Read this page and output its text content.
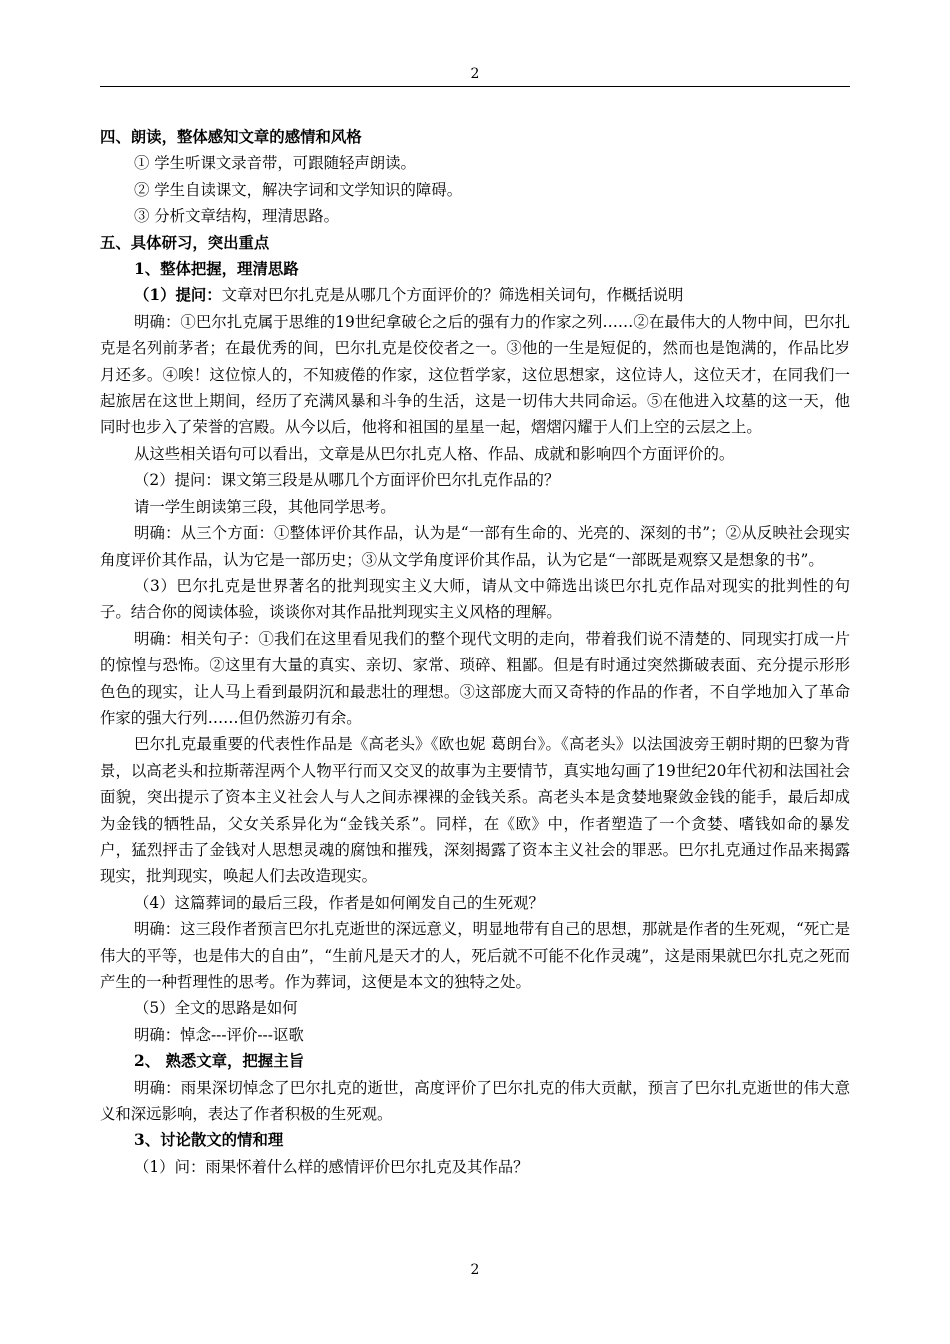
2

四、朗读，整体感知文章的感情和风格

① 学生听课文录音带，可跟随轻声朗读。

② 学生自读课文，解决字词和文学知识的障碍。

③ 分析文章结构，理清思路。

五、具体研习，突出重点

1、整体把握，理清思路

（1）提问：文章对巴尔扎克是从哪几个方面评价的？筛选相关词句，作概括说明

明确：①巴尔扎克属于思维的19世纪拿破仑之后的强有力的作家之列……②在最伟大的人物中间，巴尔扎克是名列前茅者；在最优秀的间，巴尔扎克是佼佼者之一。③他的一生是短促的，然而也是饱满的，作品比岁月还多。④唉！这位惊人的，不知疲倦的作家，这位哲学家，这位思想家，这位诗人，这位天才，在同我们一起旅居在这世上期间，经历了充满风暴和斗争的生活，这是一切伟大共同命运。⑤在他进入坟墓的这一天，他同时也步入了荣誉的宫殿。从今以后，他将和祖国的星星一起，熠熠闪耀于人们上空的云层之上。

从这些相关语句可以看出，文章是从巴尔扎克人格、作品、成就和影响四个方面评价的。

（2）提问：课文第三段是从哪几个方面评价巴尔扎克作品的？

请一学生朗读第三段，其他同学思考。

明确：从三个方面：①整体评价其作品，认为是“一部有生命的、光亮的、深刻的书”；②从反映社会现实角度评价其作品，认为它是一部历史；③从文学角度评价其作品，认为它是“一部既是观察又是想象的书”。

（3）巴尔扎克是世界著名的批判现实主义大师，请从文中筛选出谈巴尔扎克作品对现实的批判性的句子。结合你的阅读体验，谈谈你对其作品批判现实主义风格的理解。

明确：相关句子：①我们在这里看见我们的整个现代文明的走向，带着我们说不清楚的、同现实打成一片的惊惶与恐怖。②这里有大量的真实、亲切、家常、琐碎、粗鄙。但是有时通过突然撕破表面、充分提示形形色色的现实，让人马上看到最阴沉和最悲壮的理想。③这部庞大而又奇特的作品的作者，不自学地加入了革命作家的强大行列……但仍然游刃有余。

巴尔扎克最重要的代表性作品是《高老头》《欧也妮 葛朗台》。《高老头》以法国波旁王朝时期的巴黎为背景，以高老头和拉斯蒂涅两个人物平行而又交叉的故事为主要情节，真实地勾画了19世纪20年代初和法国社会面貌，突出提示了资本主义社会人与人之间赤裸裸的金钱关系。高老头本是贪婪地聚敛金钱的能手，最后却成为金钱的牺牲品，父女关系异化为“金钱关系”。同样，在《欧》中，作者塑造了一个贪婪、嗜钱如命的暴发户，猛烈抨击了金钱对人思想灵魂的腐蚀和摧残，深刻揭露了资本主义社会的罪恶。巴尔扎克通过作品来揭露现实，批判现实，唤起人们去改造现实。

（4）这篇葬词的最后三段，作者是如何阐发自己的生死观？

明确：这三段作者预言巴尔扎克逝世的深远意义，明显地带有自己的思想，那就是作者的生死观，“死亡是伟大的平等，也是伟大的自由”，“生前凡是天才的人，死后就不可能不化作灵魂”，这是雨果就巴尔扎克之死而产生的一种哲理性的思考。作为葬词，这便是本文的独特之处。

（5）全文的思路是如何

明确：悼念---评价---讴歌

2、 熟悉文章，把握主旨

明确：雨果深切悼念了巴尔扎克的逝世，高度评价了巴尔扎克的伟大贡献，预言了巴尔扎克逝世的伟大意义和深远影响，表达了作者积极的生死观。

3、讨论散文的情和理

（1）问：雨果怀着什么样的感情评价巴尔扎克及其作品？

2
